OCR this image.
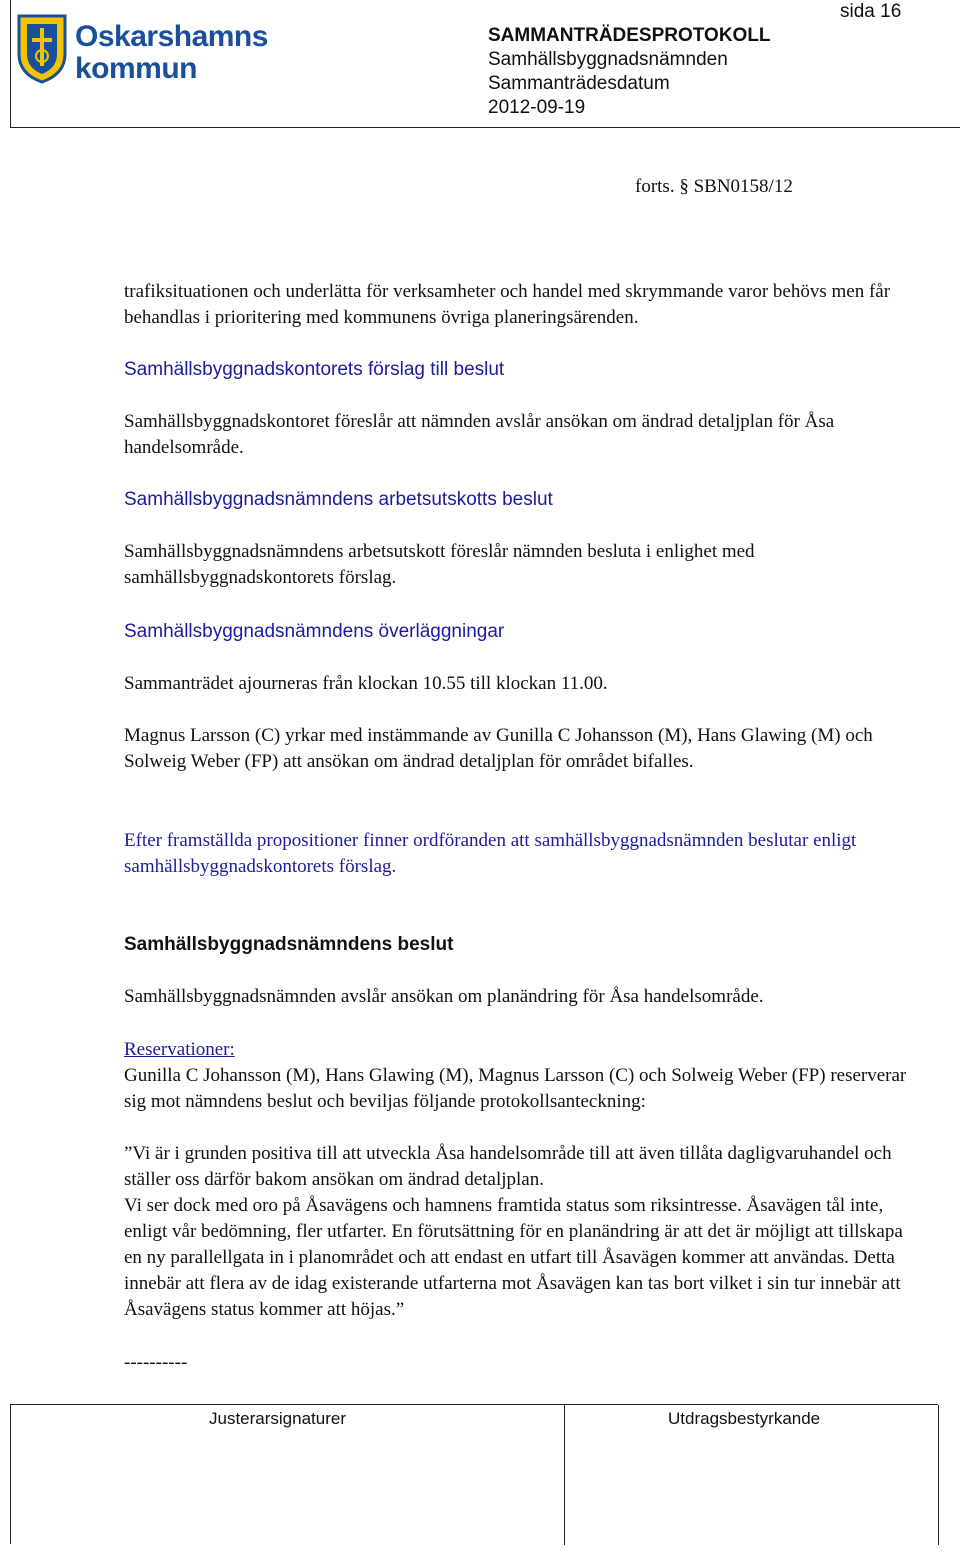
Oskarshamns
kommun
sida 16
SAMMANTRÄDESPROTOKOLL
Samhällsbyggnadsnämnden
Sammanträdesdatum
2012-09-19
forts. § SBN0158/12
trafiksituationen och underlätta för verksamheter och handel med skrymmande varor behövs men får behandlas i prioritering med kommunens övriga planeringsärenden.
Samhällsbyggnadskontorets förslag till beslut
Samhällsbyggnadskontoret föreslår att nämnden avslår ansökan om ändrad detaljplan för Åsa handelsområde.
Samhällsbyggnadsnämndens arbetsutskotts beslut
Samhällsbyggnadsnämndens arbetsutskott föreslår nämnden besluta i enlighet med samhällsbyggnadskontorets förslag.
Samhällsbyggnadsnämndens överläggningar
Sammanträdet ajourneras från klockan 10.55 till klockan 11.00.
Magnus Larsson (C) yrkar med instämmande av Gunilla C Johansson (M), Hans Glawing (M) och Solweig Weber (FP) att ansökan om ändrad detaljplan för området bifalles.
Efter framställda propositioner finner ordföranden att samhällsbyggnadsnämnden beslutar enligt samhällsbyggnadskontorets förslag.
Samhällsbyggnadsnämndens beslut
Samhällsbyggnadsnämnden avslår ansökan om planändring för Åsa handelsområde.
Reservationer:
Gunilla C Johansson (M), Hans Glawing (M), Magnus Larsson (C) och Solweig Weber (FP) reserverar sig mot nämndens beslut och beviljas följande protokollsanteckning:
”Vi är i grunden positiva till att utveckla Åsa handelsområde till att även tillåta dagligvaruhandel och ställer oss därför bakom ansökan om ändrad detaljplan.
Vi ser dock med oro på Åsavägens och hamnens framtida status som riksintresse. Åsavägen tål inte, enligt vår bedömning, fler utfarter. En förutsättning för en planändring är att det är möjligt att tillskapa en ny parallellgata in i planområdet och att endast en utfart till Åsavägen kommer att användas. Detta innebär att flera av de idag existerande utfarterna mot Åsavägen kan tas bort vilket i sin tur innebär att Åsavägens status kommer att höjas.”
----------
Justerarsignaturer	Utdragsbestyrkande
